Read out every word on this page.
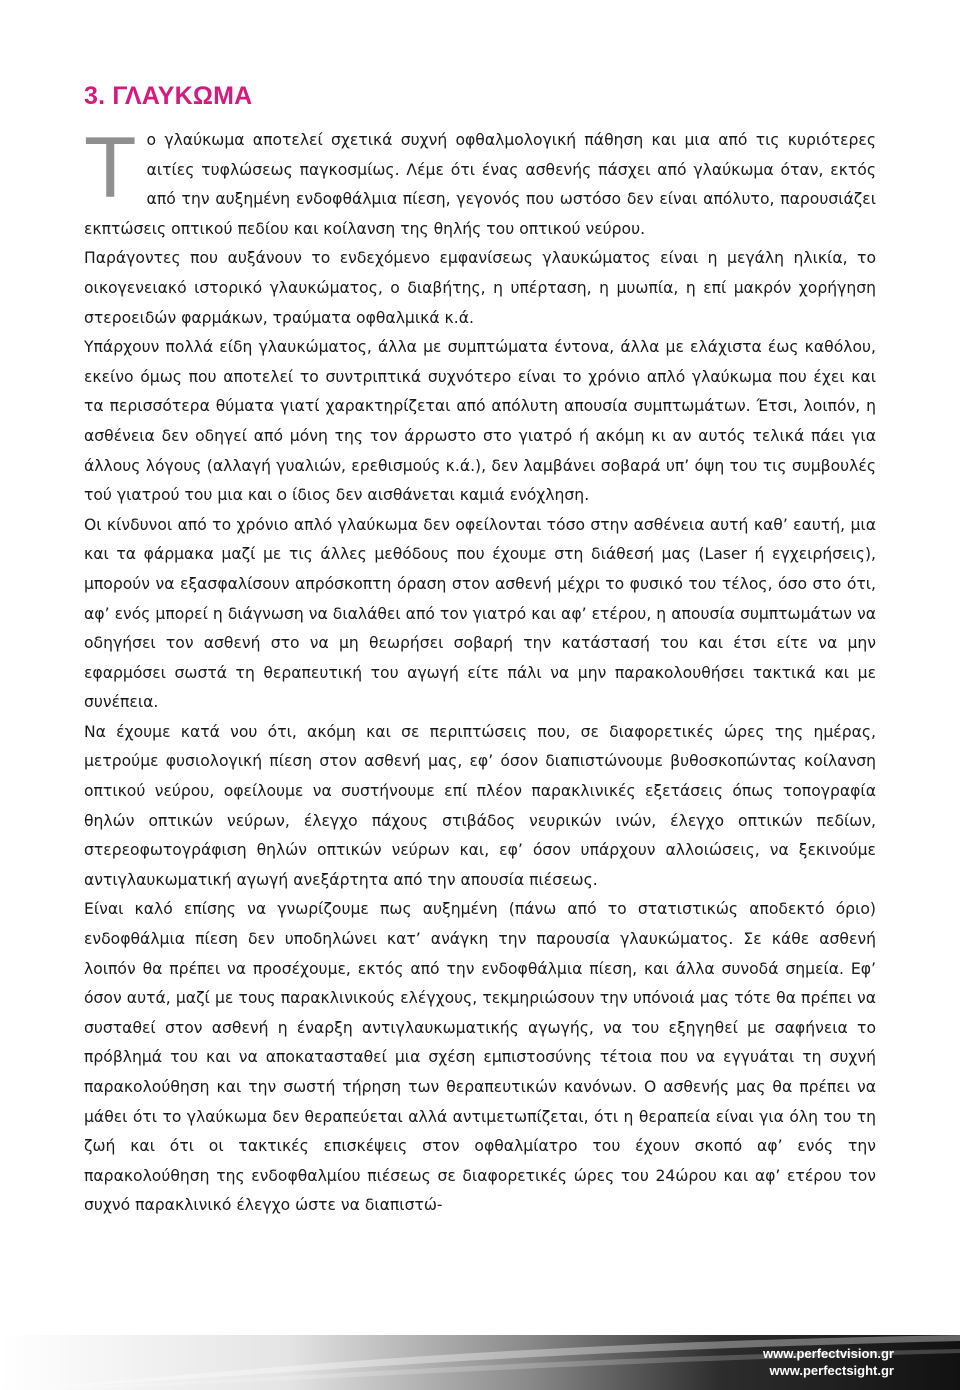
3. ΓΛΑΥΚΩΜΑ

Το γλαύκωμα αποτελεί σχετικά συχνή οφθαλμολογική πάθηση και μια από τις κυριότερες αιτίες τυφλώσεως παγκοσμίως. Λέμε ότι ένας ασθενής πάσχει από γλαύκωμα όταν, εκτός από την αυξημένη ενδοφθάλμια πίεση, γεγονός που ωστόσο δεν είναι απόλυτο, παρουσιάζει εκπτώσεις οπτικού πεδίου και κοίλανση της θηλής του οπτικού νεύρου.

Παράγοντες που αυξάνουν το ενδεχόμενο εμφανίσεως γλαυκώματος είναι η μεγάλη ηλικία, το οικογενειακό ιστορικό γλαυκώματος, ο διαβήτης, η υπέρταση, η μυωπία, η επί μακρόν χορήγηση στεροειδών φαρμάκων, τραύματα οφθαλμικά κ.ά.

Υπάρχουν πολλά είδη γλαυκώματος, άλλα με συμπτώματα έντονα, άλλα με ελάχιστα έως καθόλου, εκείνο όμως που αποτελεί το συντριπτικά συχνότερο είναι το χρόνιο απλό γλαύκωμα που έχει και τα περισσότερα θύματα γιατί χαρακτηρίζεται από απόλυτη απουσία συμπτωμάτων. Έτσι, λοιπόν, η ασθένεια δεν οδηγεί από μόνη της τον άρρωστο στο γιατρό ή ακόμη κι αν αυτός τελικά πάει για άλλους λόγους (αλλαγή γυαλιών, ερεθισμούς κ.ά.), δεν λαμβάνει σοβαρά υπ’ όψη του τις συμβουλές τού γιατρού του μια και ο ίδιος δεν αισθάνεται καμιά ενόχληση.

Οι κίνδυνοι από το χρόνιο απλό γλαύκωμα δεν οφείλονται τόσο στην ασθένεια αυτή καθ’ εαυτή, μια και τα φάρμακα μαζί με τις άλλες μεθόδους που έχουμε στη διάθεσή μας (Laser ή εγχειρήσεις), μπορούν να εξασφαλίσουν απρόσκοπτη όραση στον ασθενή μέχρι το φυσικό του τέλος, όσο στο ότι, αφ’ ενός μπορεί η διάγνωση να διαλάθει από τον γιατρό και αφ’ ετέρου, η απουσία συμπτωμάτων να οδηγήσει τον ασθενή στο να μη θεωρήσει σοβαρή την κατάστασή του και έτσι είτε να μην εφαρμόσει σωστά τη θεραπευτική του αγωγή είτε πάλι να μην παρακολουθήσει τακτικά και με συνέπεια.

Να έχουμε κατά νου ότι, ακόμη και σε περιπτώσεις που, σε διαφορετικές ώρες της ημέρας, μετρούμε φυσιολογική πίεση στον ασθενή μας, εφ’ όσον διαπιστώνουμε βυθοσκοπώντας κοίλανση οπτικού νεύρου, οφείλουμε να συστήνουμε επί πλέον παρακλινικές εξετάσεις όπως τοπογραφία θηλών οπτικών νεύρων, έλεγχο πάχους στιβάδος νευρικών ινών, έλεγχο οπτικών πεδίων, στερεοφωτογράφιση θηλών οπτικών νεύρων και, εφ’ όσον υπάρχουν αλλοιώσεις, να ξεκινούμε αντιγλαυκωματική αγωγή ανεξάρτητα από την απουσία πιέσεως.

Είναι καλό επίσης να γνωρίζουμε πως αυξημένη (πάνω από το στατιστικώς αποδεκτό όριο) ενδοφθάλμια πίεση δεν υποδηλώνει κατ’ ανάγκη την παρουσία γλαυκώματος. Σε κάθε ασθενή λοιπόν θα πρέπει να προσέχουμε, εκτός από την ενδοφθάλμια πίεση, και άλλα συνοδά σημεία. Εφ’ όσον αυτά, μαζί με τους παρακλινικούς ελέγχους, τεκμηριώσουν την υπόνοιά μας τότε θα πρέπει να συσταθεί στον ασθενή η έναρξη αντιγλαυκωματικής αγωγής, να του εξηγηθεί με σαφήνεια το πρόβλημά του και να αποκατασταθεί μια σχέση εμπιστοσύνης τέτοια που να εγγυάται τη συχνή παρακολούθηση και την σωστή τήρηση των θεραπευτικών κανόνων. Ο ασθενής μας θα πρέπει να μάθει ότι το γλαύκωμα δεν θεραπεύεται αλλά αντιμετωπίζεται, ότι η θεραπεία είναι για όλη του τη ζωή και ότι οι τακτικές επισκέψεις στον οφθαλμίατρο του έχουν σκοπό αφ’ ενός την παρακολούθηση της ενδοφθαλμίου πιέσεως σε διαφορετικές ώρες του 24ώρου και αφ’ ετέρου τον συχνό παρακλινικό έλεγχο ώστε να διαπιστώ-

www.perfectvision.gr
www.perfectsight.gr
